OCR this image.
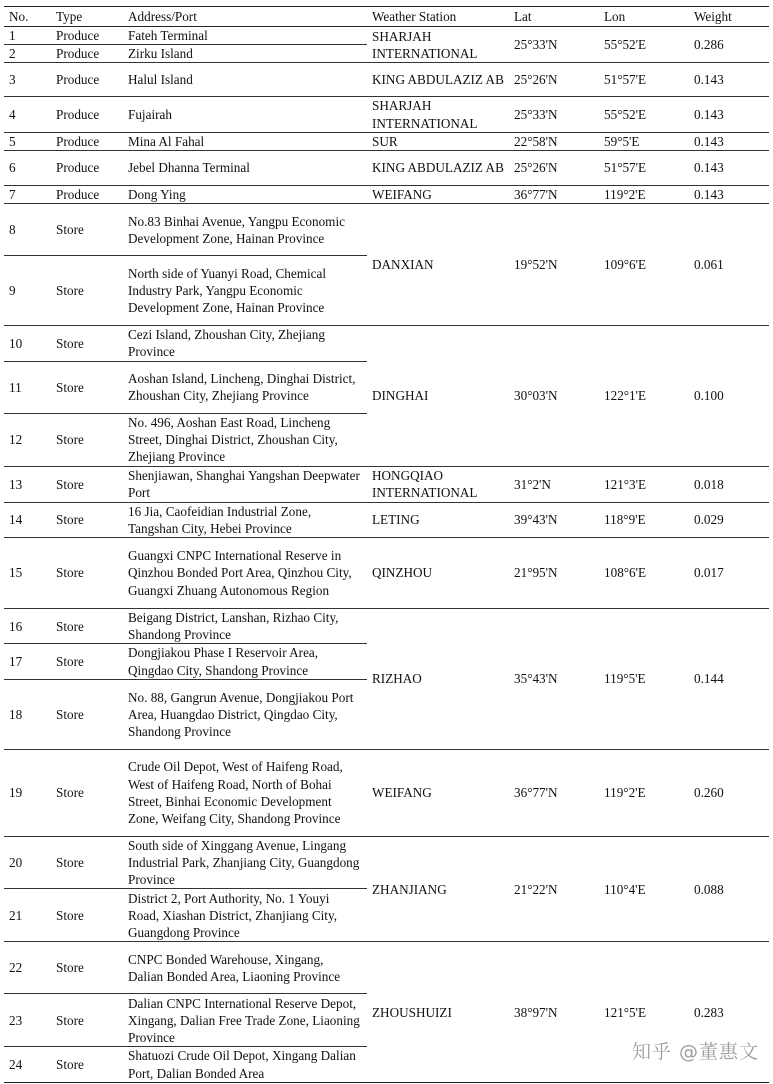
No.	Type	Address/Port	Weather Station	Lat	Lon	Weight
1	Produce	Fateh Terminal	SHARJAH INTERNATIONAL	25°33'N	55°52'E	0.286
2	Produce	Zirku Island				
3	Produce	Halul Island	KING ABDULAZIZ AB	25°26'N	51°57'E	0.143
4	Produce	Fujairah	SHARJAH INTERNATIONAL	25°33'N	55°52'E	0.143
5	Produce	Mina Al Fahal	SUR	22°58'N	59°5'E	0.143
6	Produce	Jebel Dhanna Terminal	KING ABDULAZIZ AB	25°26'N	51°57'E	0.143
7	Produce	Dong Ying	WEIFANG	36°77'N	119°2'E	0.143
8	Store	No.83 Binhai Avenue, Yangpu Economic Development Zone, Hainan Province	DANXIAN	19°52'N	109°6'E	0.061
9	Store	North side of Yuanyi Road, Chemical Industry Park, Yangpu Economic Development Zone, Hainan Province				
10	Store	Cezi Island, Zhoushan City, Zhejiang Province	DINGHAI	30°03'N	122°1'E	0.100
11	Store	Aoshan Island, Lincheng, Dinghai District, Zhoushan City, Zhejiang Province				
12	Store	No. 496, Aoshan East Road, Lincheng Street, Dinghai District, Zhoushan City, Zhejiang Province				
13	Store	Shenjiawan, Shanghai Yangshan Deepwater Port	HONGQIAO INTERNATIONAL	31°2'N	121°3'E	0.018
14	Store	16 Jia, Caofeidian Industrial Zone, Tangshan City, Hebei Province	LETING	39°43'N	118°9'E	0.029
15	Store	Guangxi CNPC International Reserve in Qinzhou Bonded Port Area, Qinzhou City, Guangxi Zhuang Autonomous Region	QINZHOU	21°95'N	108°6'E	0.017
16	Store	Beigang District, Lanshan, Rizhao City, Shandong Province	RIZHAO	35°43'N	119°5'E	0.144
17	Store	Dongjiakou Phase I Reservoir Area, Qingdao City, Shandong Province				
18	Store	No. 88, Gangrun Avenue, Dongjiakou Port Area, Huangdao District, Qingdao City, Shandong Province				
19	Store	Crude Oil Depot, West of Haifeng Road, West of Haifeng Road, North of Bohai Street, Binhai Economic Development Zone, Weifang City, Shandong Province	WEIFANG	36°77'N	119°2'E	0.260
20	Store	South side of Xinggang Avenue, Lingang Industrial Park, Zhanjiang City, Guangdong Province	ZHANJIANG	21°22'N	110°4'E	0.088
21	Store	District 2, Port Authority, No. 1 Youyi Road, Xiashan District, Zhanjiang City, Guangdong Province				
22	Store	CNPC Bonded Warehouse, Xingang, Dalian Bonded Area, Liaoning Province	ZHOUSHUIZI	38°97'N	121°5'E	0.283
23	Store	Dalian CNPC International Reserve Depot, Xingang, Dalian Free Trade Zone, Liaoning Province				
24	Store	Shatuozi Crude Oil Depot, Xingang Dalian Port, Dalian Bonded Area				
知乎 @董惠文
